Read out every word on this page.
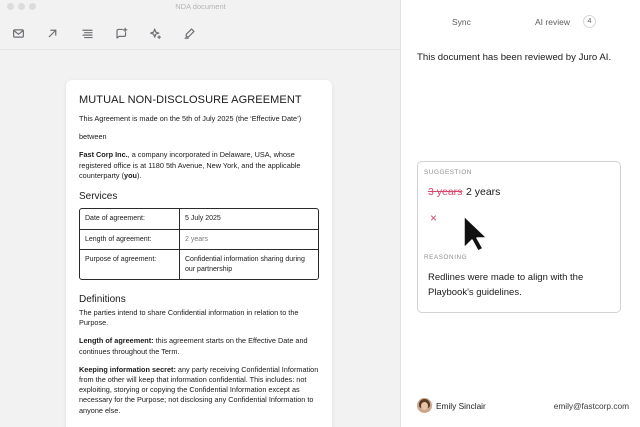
NDA document
MUTUAL NON-DISCLOSURE AGREEMENT
This Agreement is made on the 5th of July 2025 (the ‘Effective Date’)
between
Fast Corp Inc., a company incorporated in Delaware, USA, whose registered office is at 1180 5th Avenue, New York, and the applicable counterparty (you).
Services
Date of agreement:	5 July 2025
Length of agreement:	2 years
Purpose of agreement:	Confidential information sharing during our partnership
Definitions
The parties intend to share Confidential information in relation to the Purpose.
Length of agreement: this agreement starts on the Effective Date and continues throughout the Term.
Keeping information secret: any party receiving Confidential Information from the other will keep that information confidential. This includes: not exploiting, storying or copying the Confidential Information except as necessary for the Purpose; not disclosing any Confidential Information to anyone else.
Sync	AI review	4
This document has been reviewed by Juro AI.
SUGGESTION
3 years 2 years
×
REASONING
Redlines were made to align with the Playbook's guidelines.
Emily Sinclair	emily@fastcorp.com
